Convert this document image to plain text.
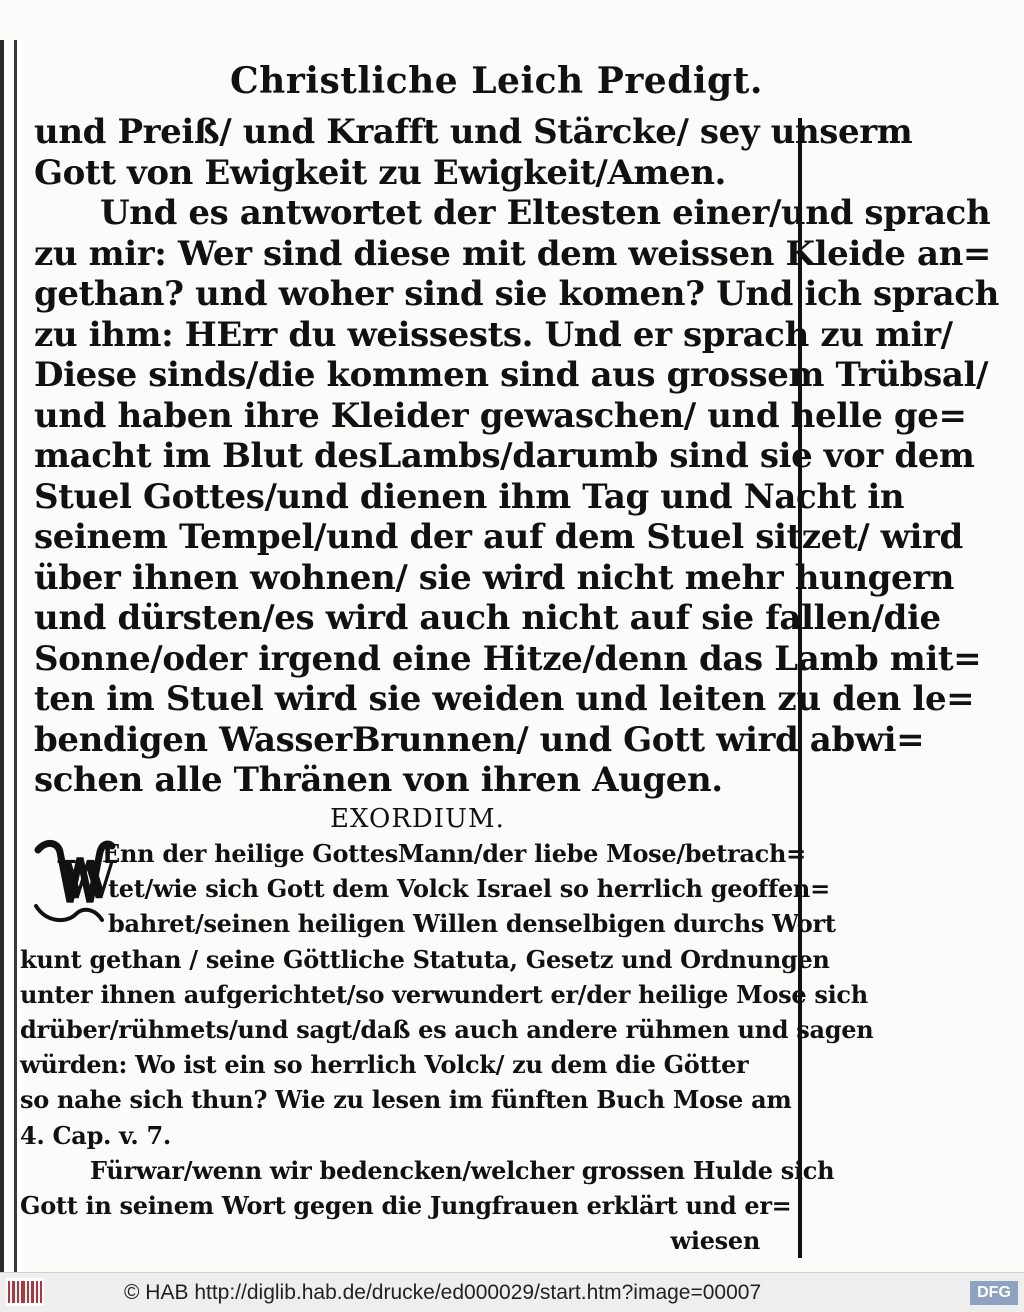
Christliche Leich Predigt.
und Preiß/ und Krafft und Stärcke/ sey unserm
Gott von Ewigkeit zu Ewigkeit/Amen.
Und es antwortet der Eltesten einer/und sprach
zu mir: Wer sind diese mit dem weissen Kleide an=
gethan? und woher sind sie komen? Und ich sprach
zu ihm: HErr du weissests. Und er sprach zu mir/
Diese sinds/die kommen sind aus grossem Trübsal/
und haben ihre Kleider gewaschen/ und helle ge=
macht im Blut desLambs/darumb sind sie vor dem
Stuel Gottes/und dienen ihm Tag und Nacht in
seinem Tempel/und der auf dem Stuel sitzet/ wird
über ihnen wohnen/ sie wird nicht mehr hungern
und dürsten/es wird auch nicht auf sie fallen/die
Sonne/oder irgend eine Hitze/denn das Lamb mit=
ten im Stuel wird sie weiden und leiten zu den le=
bendigen WasserBrunnen/ und Gott wird abwi=
schen alle Thränen von ihren Augen.
EXORDIUM.
W
Enn der heilige GottesMann/der liebe Mose/betrach=
tet/wie sich Gott dem Volck Israel so herrlich geoffen=
bahret/seinen heiligen Willen denselbigen durchs Wort
kunt gethan / seine Göttliche Statuta, Gesetz und Ordnungen
unter ihnen aufgerichtet/so verwundert er/der heilige Mose sich
drüber/rühmets/und sagt/daß es auch andere rühmen und sagen
würden: Wo ist ein so herrlich Volck/ zu dem die Götter
so nahe sich thun? Wie zu lesen im fünften Buch Mose am
4. Cap. v. 7.
Fürwar/wenn wir bedencken/welcher grossen Hulde sich
Gott in seinem Wort gegen die Jungfrauen erklärt und er=
wiesen
© HAB http://diglib.hab.de/drucke/ed000029/start.htm?image=00007	DFG
